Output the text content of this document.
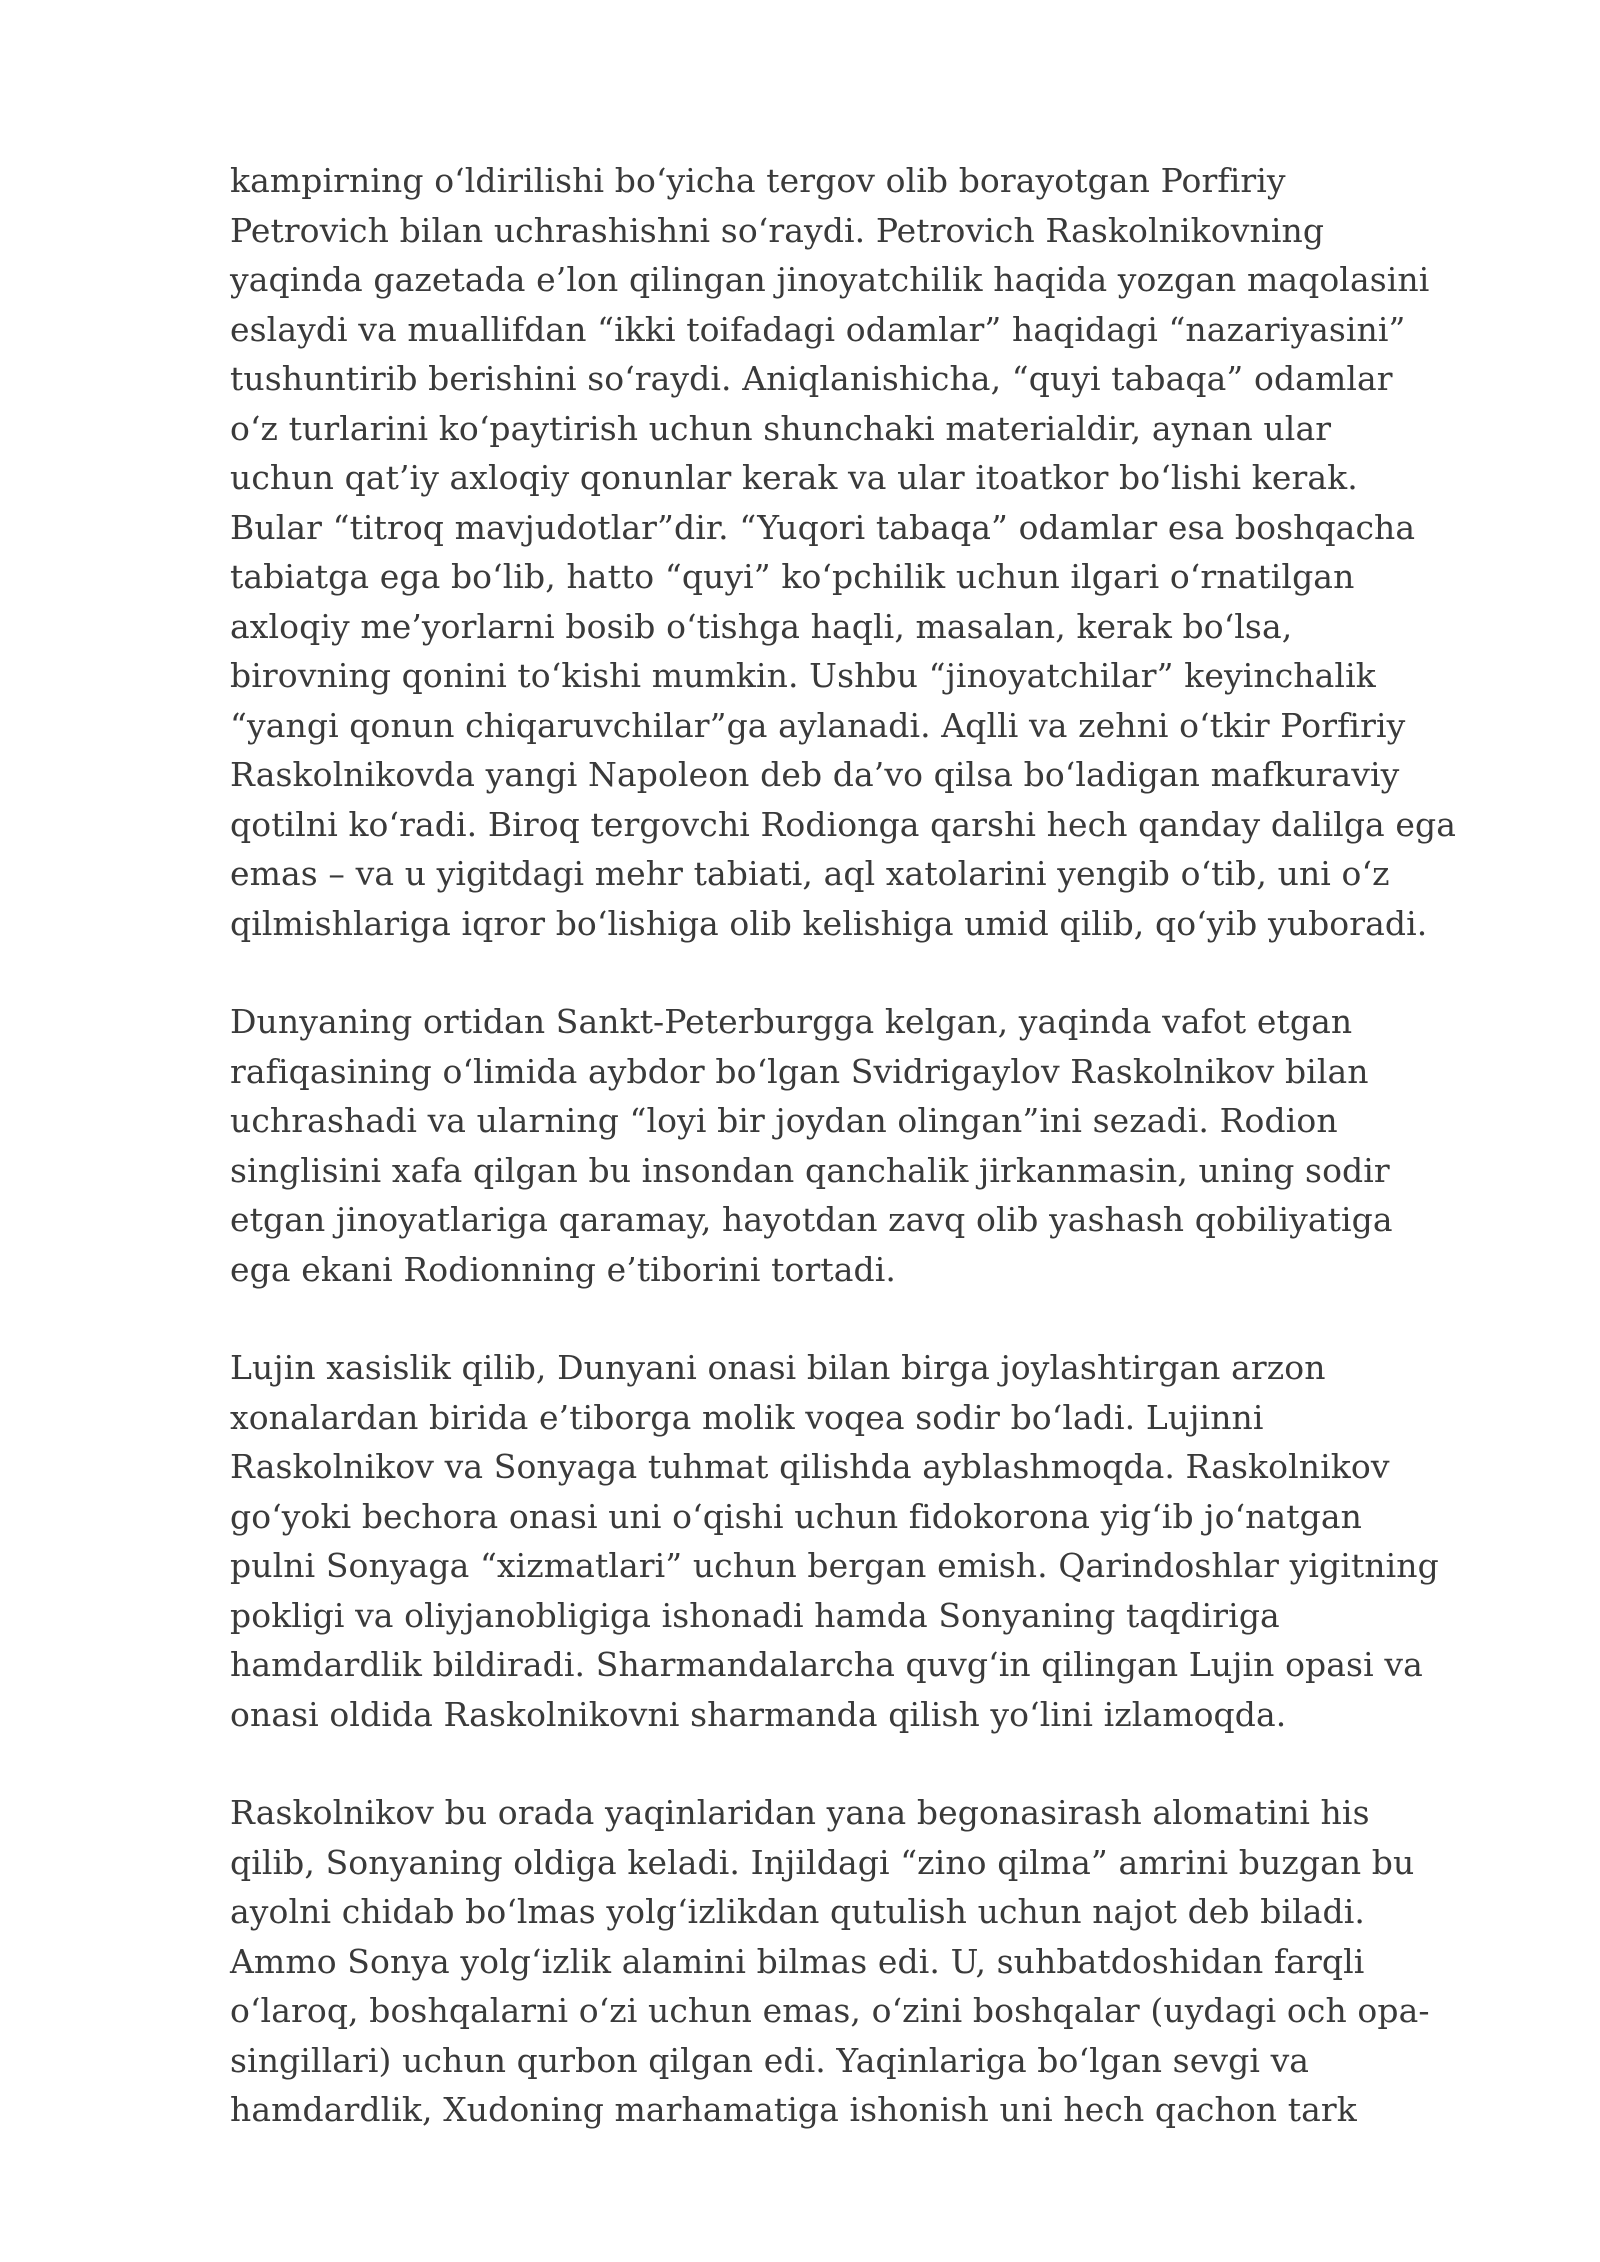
kampirning o‘ldirilishi bo‘yicha tergov olib borayotgan Porfiriy
Petrovich bilan uchrashishni so‘raydi. Petrovich Raskolnikovning
yaqinda gazetada e’lon qilingan jinoyatchilik haqida yozgan maqolasini
eslaydi va muallifdan “ikki toifadagi odamlar” haqidagi “nazariyasini”
tushuntirib berishini so‘raydi. Aniqlanishicha, “quyi tabaqa” odamlar
o‘z turlarini ko‘paytirish uchun shunchaki materialdir, aynan ular
uchun qat’iy axloqiy qonunlar kerak va ular itoatkor bo‘lishi kerak.
Bular “titroq mavjudotlar”dir. “Yuqori tabaqa” odamlar esa boshqacha
tabiatga ega bo‘lib, hatto “quyi” ko‘pchilik uchun ilgari o‘rnatilgan
axloqiy me’yorlarni bosib o‘tishga haqli, masalan, kerak bo‘lsa,
birovning qonini to‘kishi mumkin. Ushbu “jinoyatchilar” keyinchalik
“yangi qonun chiqaruvchilar”ga aylanadi. Aqlli va zehni o‘tkir Porfiriy
Raskolnikovda yangi Napoleon deb da’vo qilsa bo‘ladigan mafkuraviy
qotilni ko‘radi. Biroq tergovchi Rodionga qarshi hech qanday dalilga ega
emas – va u yigitdagi mehr tabiati, aql xatolarini yengib o‘tib, uni o‘z
qilmishlariga iqror bo‘lishiga olib kelishiga umid qilib, qo‘yib yuboradi.

Dunyaning ortidan Sankt-Peterburgga kelgan, yaqinda vafot etgan
rafiqasining o‘limida aybdor bo‘lgan Svidrigaylov Raskolnikov bilan
uchrashadi va ularning “loyi bir joydan olingan”ini sezadi. Rodion
singlisini xafa qilgan bu insondan qanchalik jirkanmasin, uning sodir
etgan jinoyatlariga qaramay, hayotdan zavq olib yashash qobiliyatiga
ega ekani Rodionning e’tiborini tortadi.

Lujin xasislik qilib, Dunyani onasi bilan birga joylashtirgan arzon
xonalardan birida e’tiborga molik voqea sodir bo‘ladi. Lujinni
Raskolnikov va Sonyaga tuhmat qilishda ayblashmoqda. Raskolnikov
go‘yoki bechora onasi uni o‘qishi uchun fidokorona yig‘ib jo‘natgan
pulni Sonyaga “xizmatlari” uchun bergan emish. Qarindoshlar yigitning
pokligi va oliyjanobligiga ishonadi hamda Sonyaning taqdiriga
hamdardlik bildiradi. Sharmandalarcha quvg‘in qilingan Lujin opasi va
onasi oldida Raskolnikovni sharmanda qilish yo‘lini izlamoqda.

Raskolnikov bu orada yaqinlaridan yana begonasirash alomatini his
qilib, Sonyaning oldiga keladi. Injildagi “zino qilma” amrini buzgan bu
ayolni chidab bo‘lmas yolg‘izlikdan qutulish uchun najot deb biladi.
Ammo Sonya yolg‘izlik alamini bilmas edi. U, suhbatdoshidan farqli
o‘laroq, boshqalarni o‘zi uchun emas, o‘zini boshqalar (uydagi och opa-
singillari) uchun qurbon qilgan edi. Yaqinlariga bo‘lgan sevgi va
hamdardlik, Xudoning marhamatiga ishonish uni hech qachon tark
